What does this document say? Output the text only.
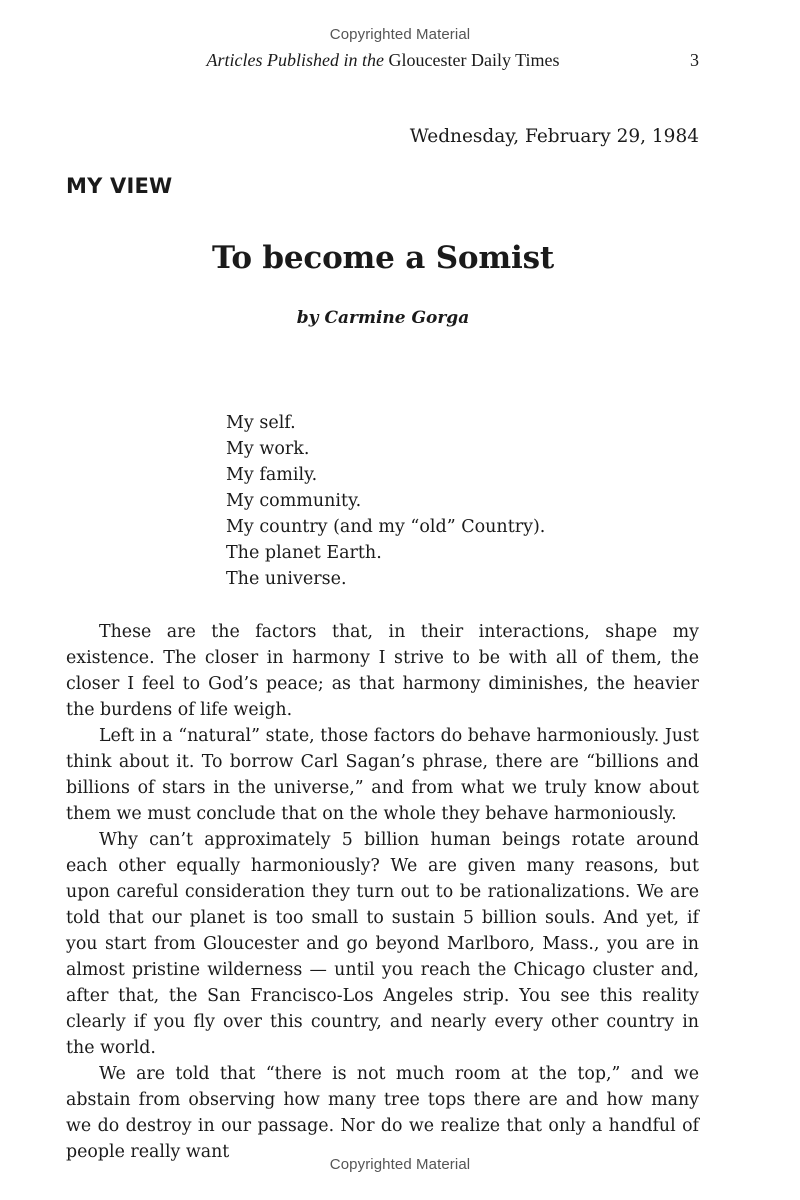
Copyrighted Material
Articles Published in the Gloucester Daily Times	3
Wednesday, February 29, 1984
MY VIEW
To become a Somist
by Carmine Gorga
My self.
My work.
My family.
My community.
My country (and my “old” Country).
The planet Earth.
The universe.

These are the factors that, in their interactions, shape my existence. The closer in harmony I strive to be with all of them, the closer I feel to God’s peace; as that harmony diminishes, the heavier the burdens of life weigh.

Left in a “natural” state, those factors do behave harmoniously. Just think about it. To borrow Carl Sagan’s phrase, there are “billions and billions of stars in the universe,” and from what we truly know about them we must conclude that on the whole they behave harmoniously.

Why can’t approximately 5 billion human beings rotate around each other equally harmoniously? We are given many reasons, but upon careful consideration they turn out to be rationalizations. We are told that our planet is too small to sustain 5 billion souls. And yet, if you start from Gloucester and go beyond Marlboro, Mass., you are in almost pristine wilderness — until you reach the Chicago cluster and, after that, the San Francisco-Los Angeles strip. You see this reality clearly if you fly over this country, and nearly every other country in the world.

We are told that “there is not much room at the top,” and we abstain from observing how many tree tops there are and how many we do destroy in our passage. Nor do we realize that only a handful of people really want

Copyrighted Material
